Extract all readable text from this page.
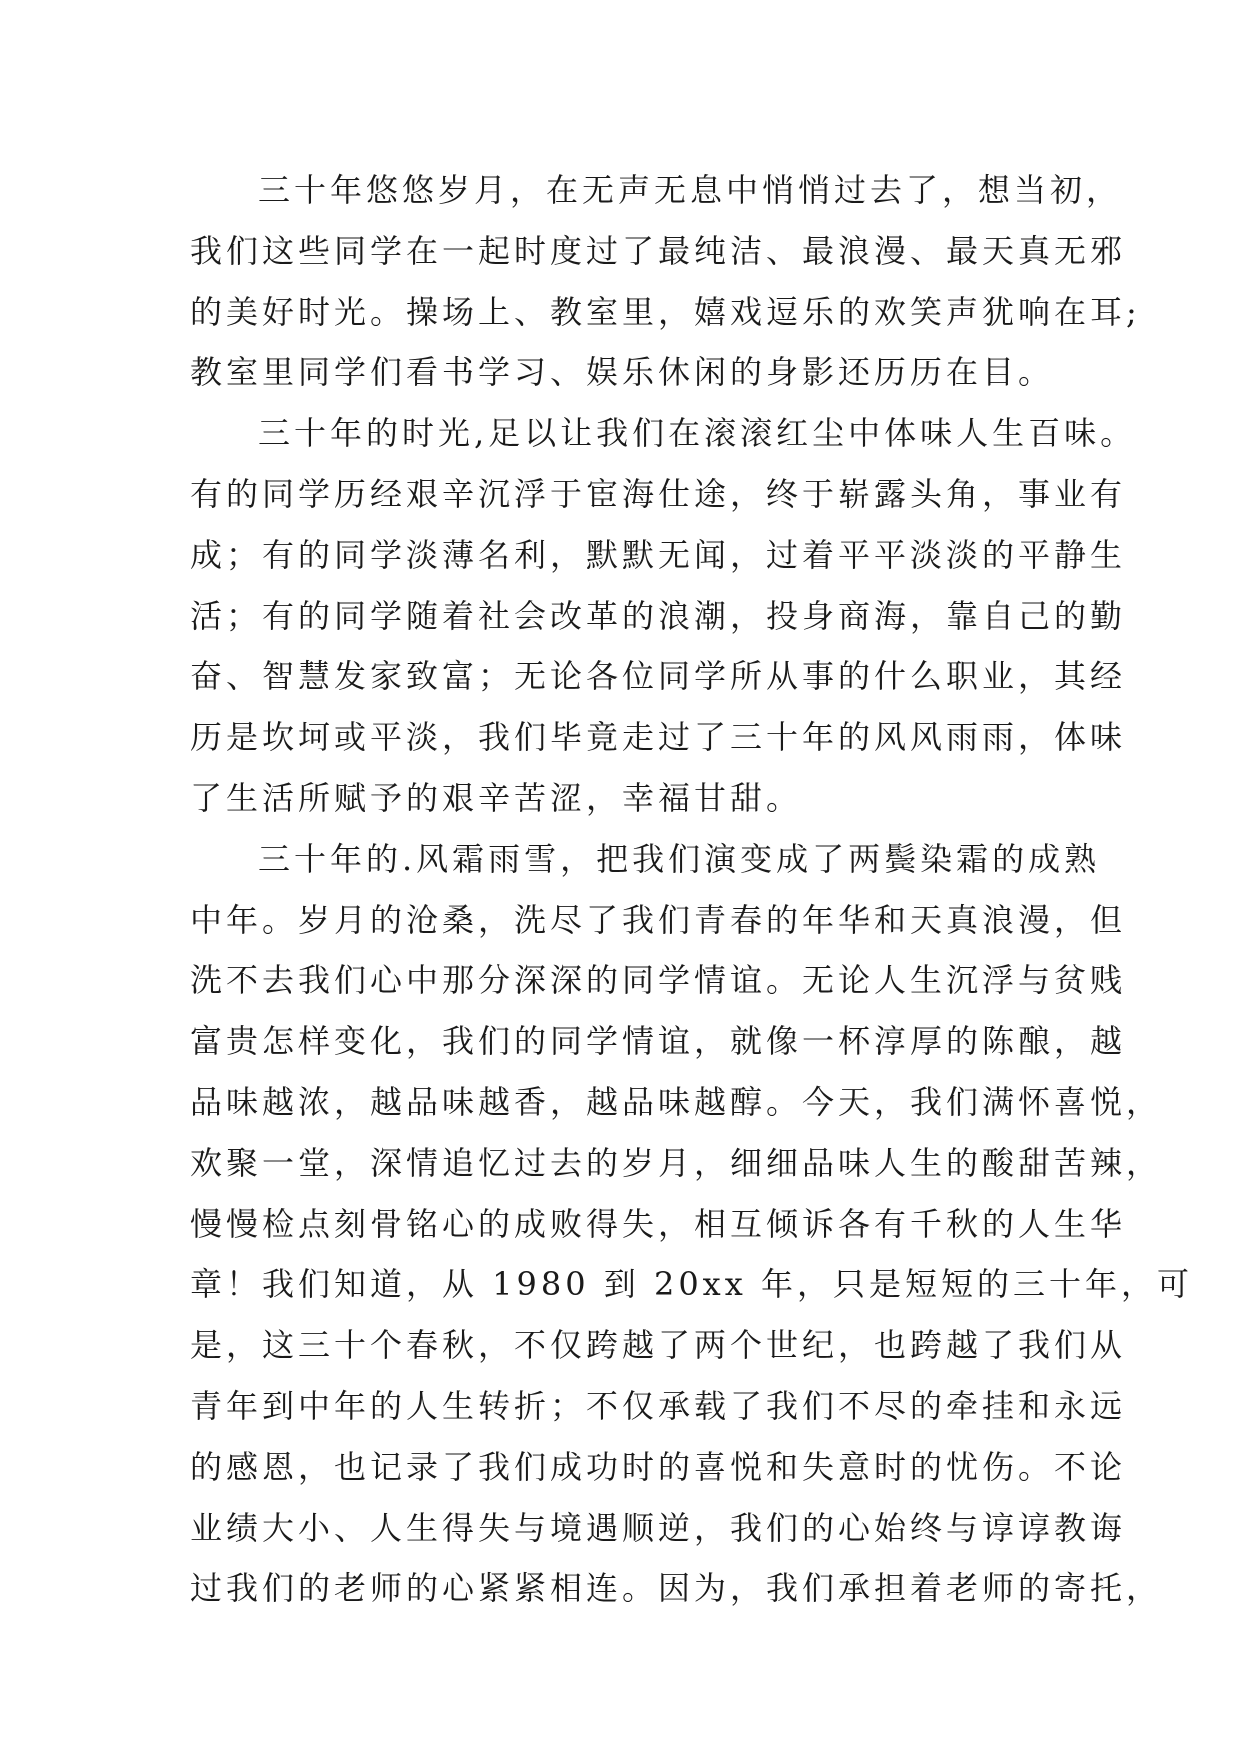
三十年悠悠岁月，在无声无息中悄悄过去了，想当初，
我们这些同学在一起时度过了最纯洁、最浪漫、最天真无邪
的美好时光。操场上、教室里，嬉戏逗乐的欢笑声犹响在耳;
教室里同学们看书学习、娱乐休闲的身影还历历在目。
三十年的时光,足以让我们在滚滚红尘中体味人生百味。
有的同学历经艰辛沉浮于宦海仕途，终于崭露头角，事业有
成；有的同学淡薄名利，默默无闻，过着平平淡淡的平静生
活；有的同学随着社会改革的浪潮，投身商海，靠自己的勤
奋、智慧发家致富；无论各位同学所从事的什么职业，其经
历是坎坷或平淡，我们毕竟走过了三十年的风风雨雨，体味
了生活所赋予的艰辛苦涩，幸福甘甜。
三十年的.风霜雨雪，把我们演变成了两鬓染霜的成熟
中年。岁月的沧桑，洗尽了我们青春的年华和天真浪漫，但
洗不去我们心中那分深深的同学情谊。无论人生沉浮与贫贱
富贵怎样变化，我们的同学情谊，就像一杯淳厚的陈酿，越
品味越浓，越品味越香，越品味越醇。今天，我们满怀喜悦，
欢聚一堂，深情追忆过去的岁月，细细品味人生的酸甜苦辣，
慢慢检点刻骨铭心的成败得失，相互倾诉各有千秋的人生华
章！我们知道，从 1980 到 20xx 年，只是短短的三十年，可
是，这三十个春秋，不仅跨越了两个世纪，也跨越了我们从
青年到中年的人生转折；不仅承载了我们不尽的牵挂和永远
的感恩，也记录了我们成功时的喜悦和失意时的忧伤。不论
业绩大小、人生得失与境遇顺逆，我们的心始终与谆谆教诲
过我们的老师的心紧紧相连。因为，我们承担着老师的寄托，
